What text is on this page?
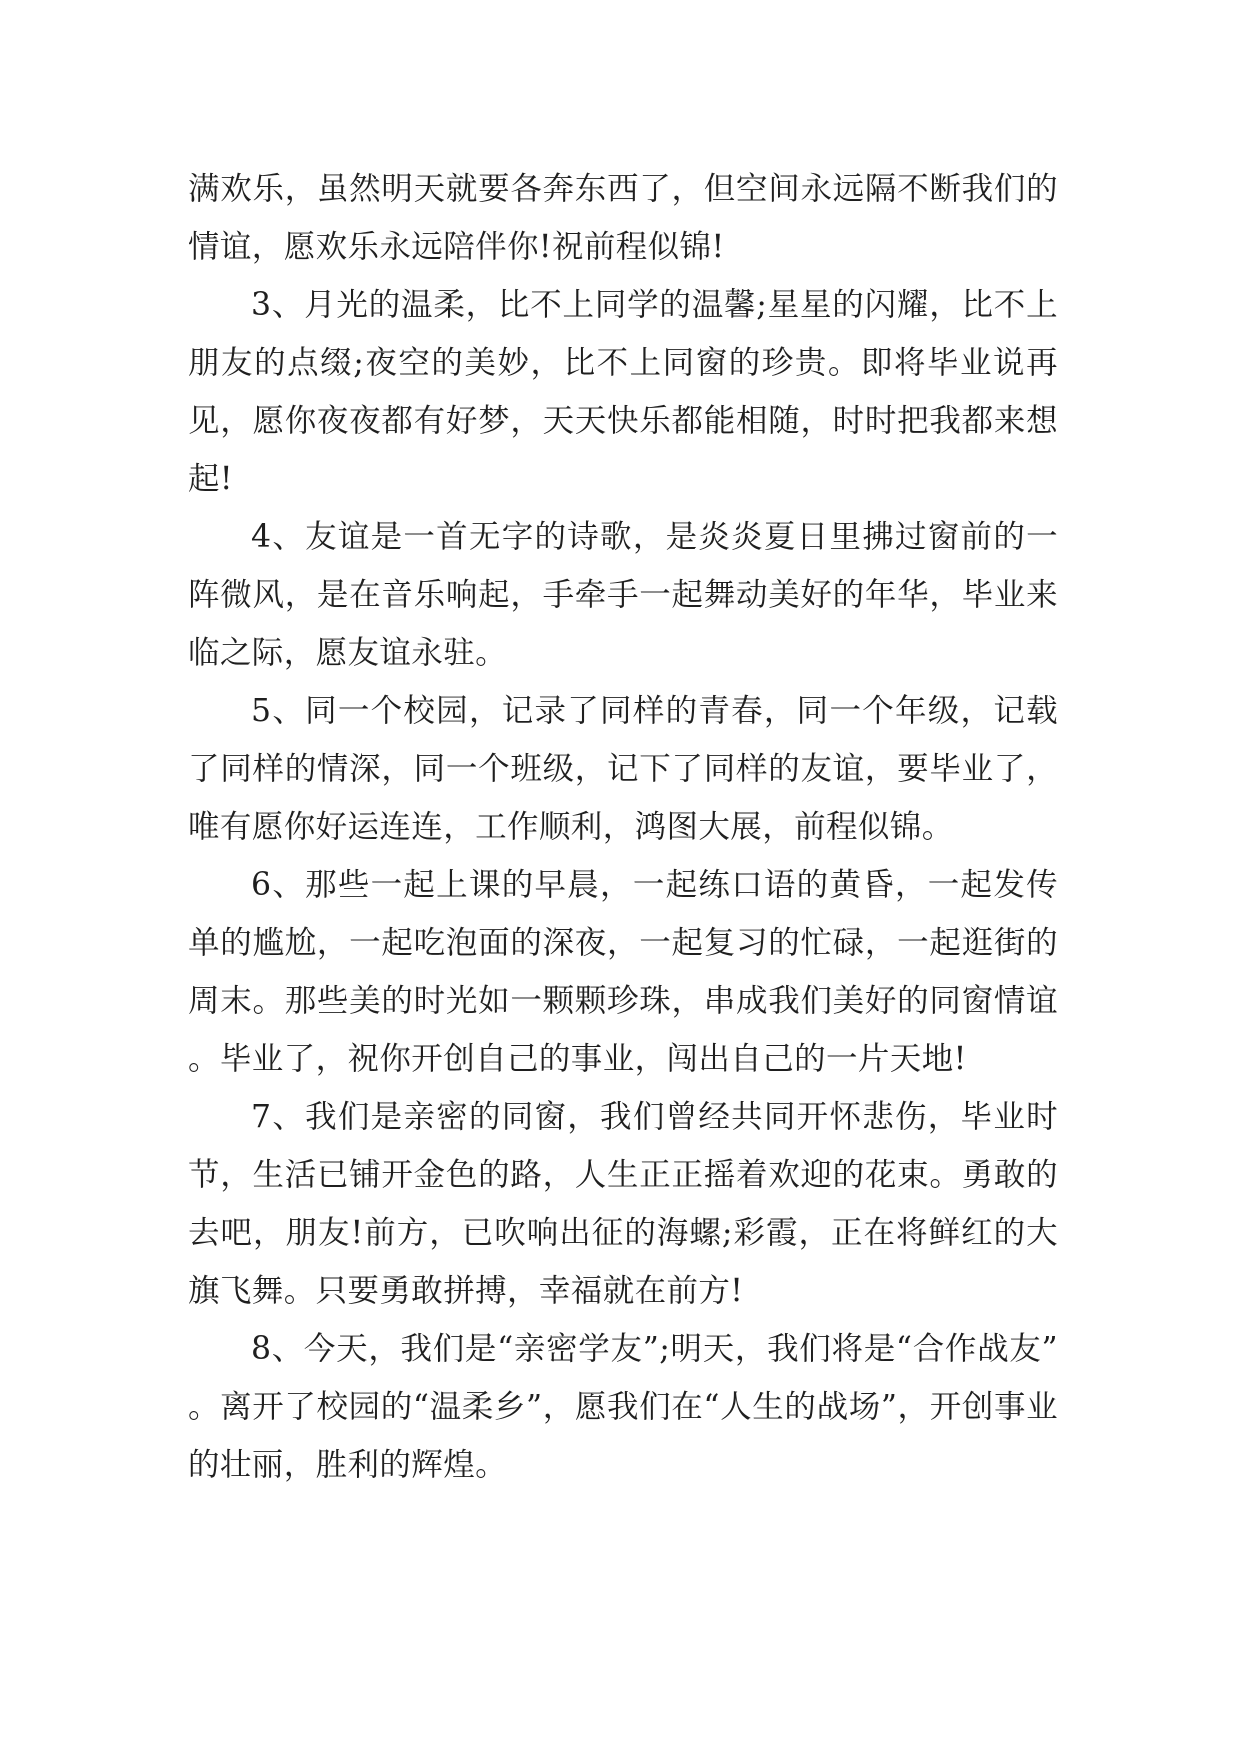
满欢乐，虽然明天就要各奔东西了，但空间永远隔不断我们的情谊，愿欢乐永远陪伴你!祝前程似锦!

3、月光的温柔，比不上同学的温馨;星星的闪耀，比不上朋友的点缀;夜空的美妙，比不上同窗的珍贵。即将毕业说再见，愿你夜夜都有好梦，天天快乐都能相随，时时把我都来想起!

4、友谊是一首无字的诗歌，是炎炎夏日里拂过窗前的一阵微风，是在音乐响起，手牵手一起舞动美好的年华，毕业来临之际，愿友谊永驻。

5、同一个校园，记录了同样的青春，同一个年级，记载了同样的情深，同一个班级，记下了同样的友谊，要毕业了，唯有愿你好运连连，工作顺利，鸿图大展，前程似锦。

6、那些一起上课的早晨，一起练口语的黄昏，一起发传单的尴尬，一起吃泡面的深夜，一起复习的忙碌，一起逛街的周末。那些美的时光如一颗颗珍珠，串成我们美好的同窗情谊。毕业了，祝你开创自己的事业，闯出自己的一片天地!

7、我们是亲密的同窗，我们曾经共同开怀悲伤，毕业时节，生活已铺开金色的路，人生正正摇着欢迎的花束。勇敢的去吧，朋友!前方，已吹响出征的海螺;彩霞，正在将鲜红的大旗飞舞。只要勇敢拼搏，幸福就在前方!

8、今天，我们是“亲密学友”;明天，我们将是“合作战友”。离开了校园的“温柔乡”，愿我们在“人生的战场”，开创事业的壮丽，胜利的辉煌。
